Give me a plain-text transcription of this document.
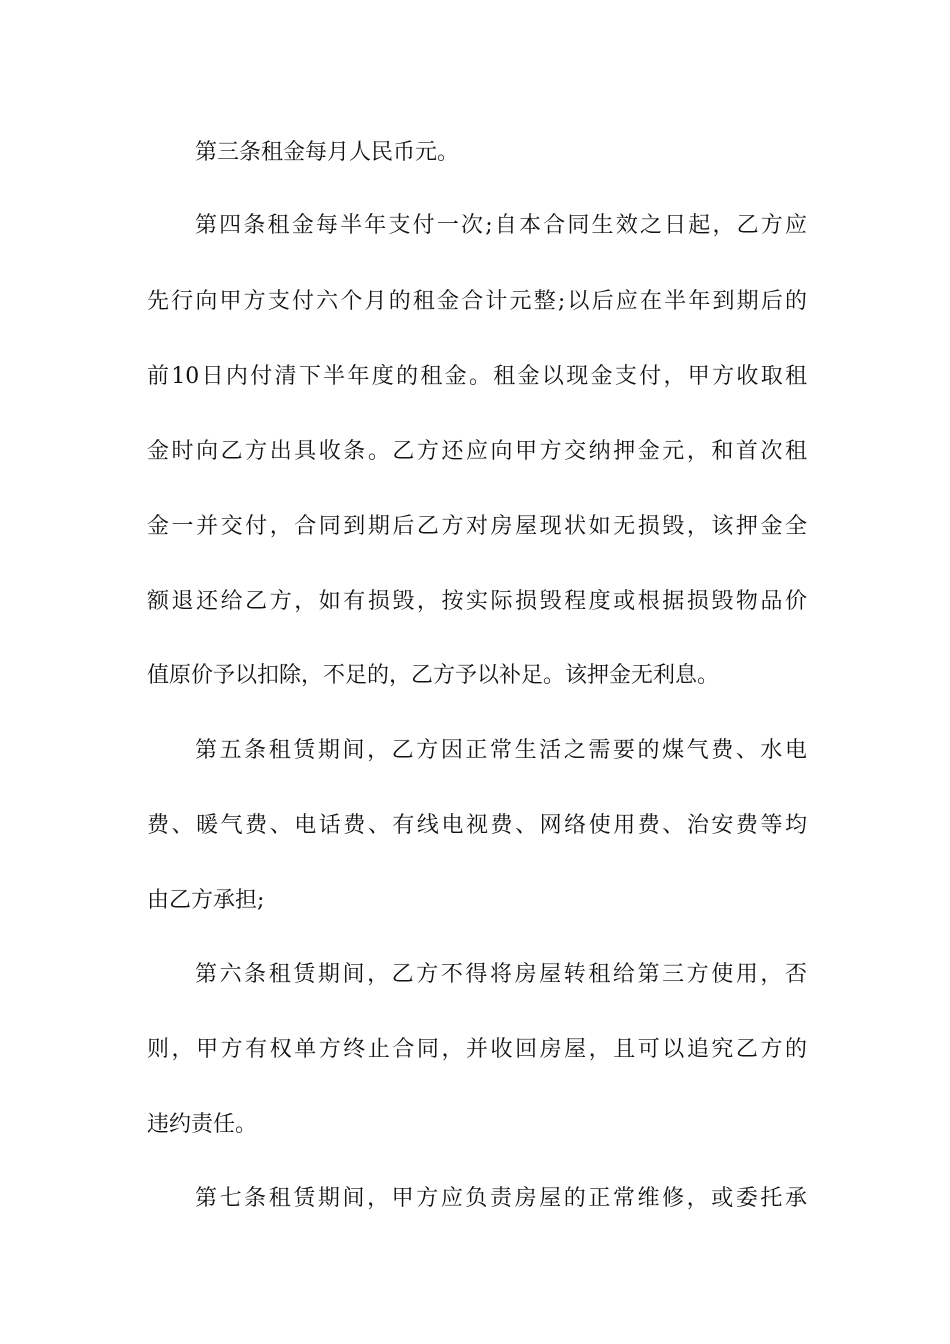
第三条租金每月人民币元。
第四条租金每半年支付一次;自本合同生效之日起，乙方应
先行向甲方支付六个月的租金合计元整;以后应在半年到期后的
前10日内付清下半年度的租金。租金以现金支付，甲方收取租
金时向乙方出具收条。乙方还应向甲方交纳押金元，和首次租
金一并交付，合同到期后乙方对房屋现状如无损毁，该押金全
额退还给乙方，如有损毁，按实际损毁程度或根据损毁物品价
值原价予以扣除，不足的，乙方予以补足。该押金无利息。
第五条租赁期间，乙方因正常生活之需要的煤气费、水电
费、暖气费、电话费、有线电视费、网络使用费、治安费等均
由乙方承担;
第六条租赁期间，乙方不得将房屋转租给第三方使用，否
则，甲方有权单方终止合同，并收回房屋，且可以追究乙方的
违约责任。
第七条租赁期间，甲方应负责房屋的正常维修，或委托承
